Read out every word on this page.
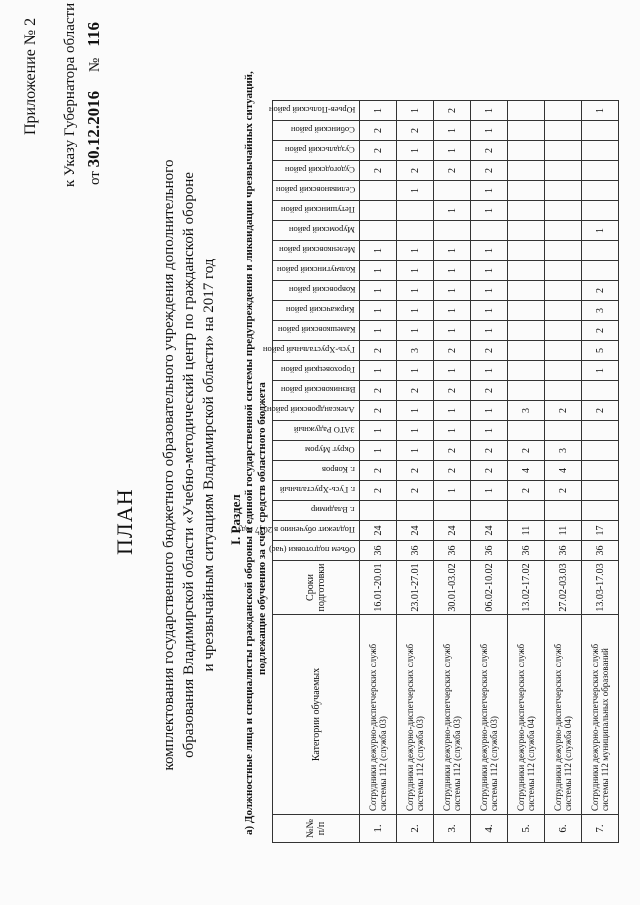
Приложение № 2 к Указу Губернатора области от 30.12.2016     №   116
ПЛАН комплектования государственного бюджетного образовательного учреждения дополнительного образования Владимирской области «Учебно-методический центр по гражданской обороне и чрезвычайным ситуациям Владимирской области» на 2017 год I. Раздел а) Должностные лица и специалисты гражданской обороны и единой государственной системы предупреждения и ликвидации чрезвычайных ситуаций, подлежащие обучению за счёт средств областного бюджета
№№ п/п	Категории обучаемых	Сроки подготовки	Объем подготовки (час)	Подлежит обучению в 2017 году	г. Владимир	г. Гусь-Хрустальный	г. Ковров	Округ Муром	ЗАТО Радужный	Александровский район	Вязниковский район	Гороховецкий район	Гусь-Хрустальный район	Камешковский район	Киржачский район	Ковровский район	Кольчугинский район	Меленковский район	Муромский район	Петушинский район	Селивановский район	Судогодский район	Суздальский район	Собинский район	Юрьев-Польский район

1.	Сотрудники дежурно-диспетчерских служб системы 112 (служба 03)	16.01-20.01	36	24		2	2	1	1	2	2	1	2	1	1	1	1	1				2	2	2	1
2.	Сотрудники дежурно-диспетчерских служб системы 112 (служба 03)	23.01-27.01	36	24		2	2	1	1	1	2	1	3	1	1	1	1	1			1	2	1	2	1
3.	Сотрудники дежурно-диспетчерских служб системы 112 (служба 03)	30.01-03.02	36	24		1	2	2	1	1	2	1	2	1	1	1	1	1		1		2	1	1	2
4.	Сотрудники дежурно-диспетчерских служб системы 112 (служба 03)	06.02-10.02	36	24		1	2	2	1	1	2	1	2	1	1	1	1	1		1	1	2	2	1	1
5.	Сотрудники дежурно-диспетчерских служб системы 112 (служба 04)	13.02-17.02	36	11		2	4	2		3															
6.	Сотрудники дежурно-диспетчерских служб системы 112 (служба 04)	27.02-03.03	36	11		2	4	3		2															
7.	Сотрудники дежурно-диспетчерских служб системы 112 муниципальных образований	13.03-17.03	36	17						2		1	5	2	3	2			1						1
